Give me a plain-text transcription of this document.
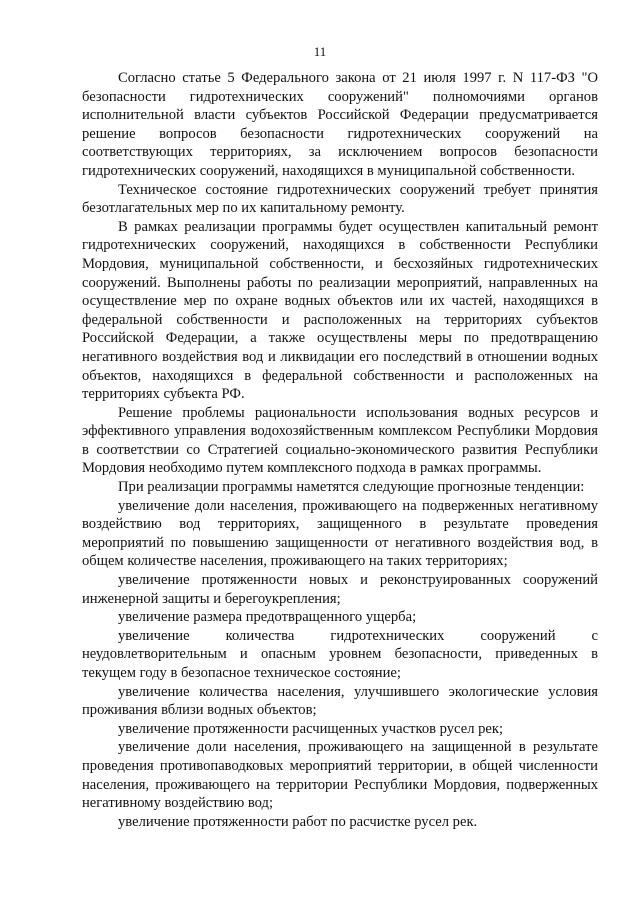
11

Согласно статье 5 Федерального закона от 21 июля 1997 г. N 117-ФЗ "О безопасности гидротехнических сооружений" полномочиями органов исполнительной власти субъектов Российской Федерации предусматривается решение вопросов безопасности гидротехнических сооружений на соответствующих территориях, за исключением вопросов безопасности гидротехнических сооружений, находящихся в муниципальной собственности.

Техническое состояние гидротехнических сооружений требует принятия безотлагательных мер по их капитальному ремонту.

В рамках реализации программы будет осуществлен капитальный ремонт гидротехнических сооружений, находящихся в собственности Республики Мордовия, муниципальной собственности, и бесхозяйных гидротехнических сооружений. Выполнены работы по реализации мероприятий, направленных на осуществление мер по охране водных объектов или их частей, находящихся в федеральной собственности и расположенных на территориях субъектов Российской Федерации, а также осуществлены меры по предотвращению негативного воздействия вод и ликвидации его последствий в отношении водных объектов, находящихся в федеральной собственности и расположенных на территориях субъекта РФ.

Решение проблемы рациональности использования водных ресурсов и эффективного управления водохозяйственным комплексом Республики Мордовия в соответствии со Стратегией социально-экономического развития Республики Мордовия необходимо путем комплексного подхода в рамках программы.

При реализации программы наметятся следующие прогнозные тенденции:

увеличение доли населения, проживающего на подверженных негативному воздействию вод территориях, защищенного в результате проведения мероприятий по повышению защищенности от негативного воздействия вод, в общем количестве населения, проживающего на таких территориях;

увеличение протяженности новых и реконструированных сооружений инженерной защиты и берегоукрепления;

увеличение размера предотвращенного ущерба;

увеличение количества гидротехнических сооружений с неудовлетворительным и опасным уровнем безопасности, приведенных в текущем году в безопасное техническое состояние;

увеличение количества населения, улучшившего экологические условия проживания вблизи водных объектов;

увеличение протяженности расчищенных участков русел рек;

увеличение доли населения, проживающего на защищенной в результате проведения противопаводковых мероприятий территории, в общей численности населения, проживающего на территории Республики Мордовия, подверженных негативному воздействию вод;

увеличение протяженности работ по расчистке русел рек.
